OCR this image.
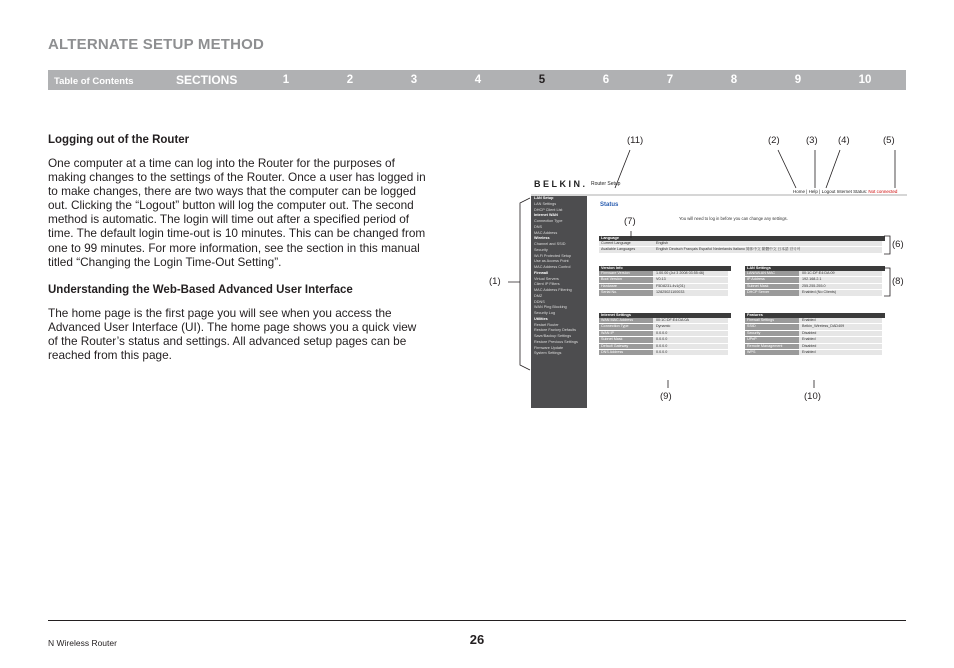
ALTERNATE SETUP METHOD
Table of Contents	SECTIONS	1	2	3	4	5	6	7	8	9	10
Logging out of the Router
One computer at a time can log into the Router for the purposes of
making changes to the settings of the Router. Once a user has logged in
to make changes, there are two ways that the computer can be logged
out. Clicking the “Logout” button will log the computer out. The second
method is automatic. The login will time out after a specified period of
time. The default login time-out is 10 minutes. This can be changed from
one to 99 minutes. For more information, see the section in this manual
titled “Changing the Login Time-Out Setting”.
Understanding the Web-Based Advanced User Interface
The home page is the first page you will see when you access the
Advanced User Interface (UI). The home page shows you a quick view
of the Router’s status and settings. All advanced setup pages can be
reached from this page.
BELKIN. Router Setup
Home | Help | Logout Internet Status: Not connected
LAN Setup
LAN Settings
DHCP Client List
Internet WAN
Connection Type
DNS
MAC Address
Wireless
Channel and SSID
Security
Wi-Fi Protected Setup
Use as Access Point
MAC Address Control
Firewall
Virtual Servers
Client IP Filters
MAC Address Filtering
DMZ
DDNS
WAN Ping Blocking
Security Log
Utilities
Restart Router
Restore Factory Defaults
Save/Backup Settings
Restore Previous Settings
Firmware Update
System Settings
Status
You will need to log in before you can change any settings.
Language
Current Language	English
Available Languages	English Deutsch Français Español Nederlands Italiano 简体中文 繁體中文 日本語 한국어
Version Info
Firmware Version	1.00.00 (Jul 3 2008 03:55:46)
Boot Version	V0.13
Hardware	F5D8231-4v1(01)
Serial No.	12825021100033
LAN Settings
LAN/WLAN MAC	00:1C:DF:E4:DA:09
IP Address	192.168.2.1
Subnet Mask	255.255.255.0
DHCP Server	Enabled (No Clients)
Internet Settings
WAN MAC Address	00:1C:DF:E4:DA:0A
Connection Type	Dynamic
WAN IP	0.0.0.0
Subnet Mask	0.0.0.0
Default Gateway	0.0.0.0
DNS Address	0.0.0.0
Features
Firewall Settings	Enabled
SSID	Belkin_Wireless_DAD409
Security	Disabled
UPnP	Enabled
Remote Management	Disabled
WPS	Enabled
(1)
(2)	(3) (4)	(5)
(6)
(7)
(8)
(9)	(10)
(11)
N Wireless Router	26
